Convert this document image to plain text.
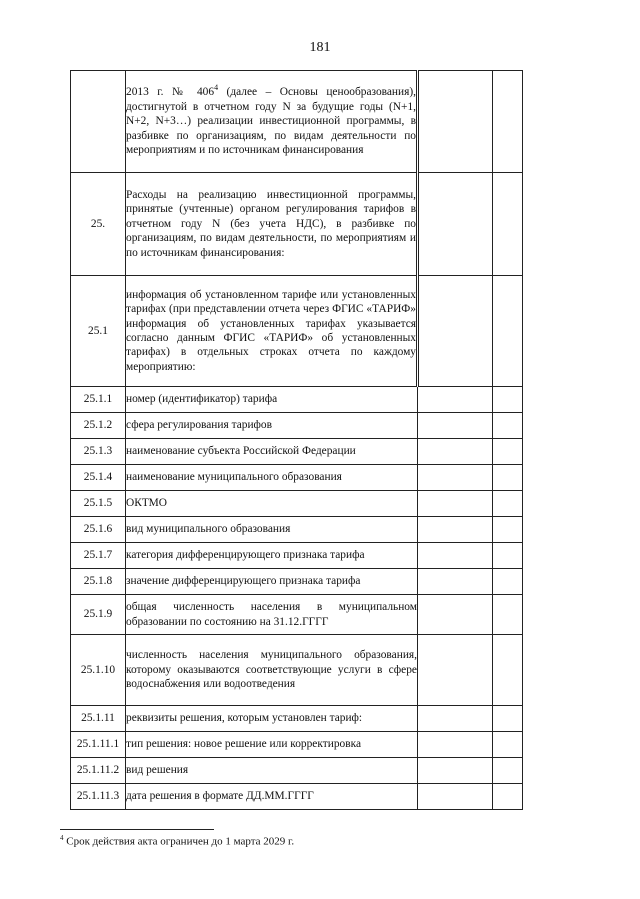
181
	2013 г. № 406$^4$ (далее – Основы ценообразования), достигнутой в отчетном году N за будущие годы (N+1, N+2, N+3…) реализации инвестиционной программы, в разбивке по организациям, по видам деятельности по мероприятиям и по источникам финансирования		
25.	Расходы на реализацию инвестиционной программы, принятые (учтенные) органом регулирования тарифов в отчетном году N (без учета НДС), в разбивке по организациям, по видам деятельности, по мероприятиям и по источникам финансирования:		
25.1	информация об установленном тарифе или установленных тарифах (при представлении отчета через ФГИС «ТАРИФ» информация об установленных тарифах указывается согласно данным ФГИС «ТАРИФ» об установленных тарифах) в отдельных строках отчета по каждому мероприятию:		
25.1.1	номер (идентификатор) тарифа		
25.1.2	сфера регулирования тарифов		
25.1.3	наименование субъекта Российской Федерации		
25.1.4	наименование муниципального образования		
25.1.5	ОКТМО		
25.1.6	вид муниципального образования		
25.1.7	категория дифференцирующего признака тарифа		
25.1.8	значение дифференцирующего признака тарифа		
25.1.9	общая численность населения в муниципальном образовании по состоянию на 31.12.ГГГГ		
25.1.10	численность населения муниципального образования, которому оказываются соответствующие услуги в сфере водоснабжения или водоотведения		
25.1.11	реквизиты решения, которым установлен тариф:		
25.1.11.1	тип решения: новое решение или корректировка		
25.1.11.2	вид решения		
25.1.11.3	дата решения в формате ДД.ММ.ГГГГ		
$^4$ Срок действия акта ограничен до 1 марта 2029 г.
